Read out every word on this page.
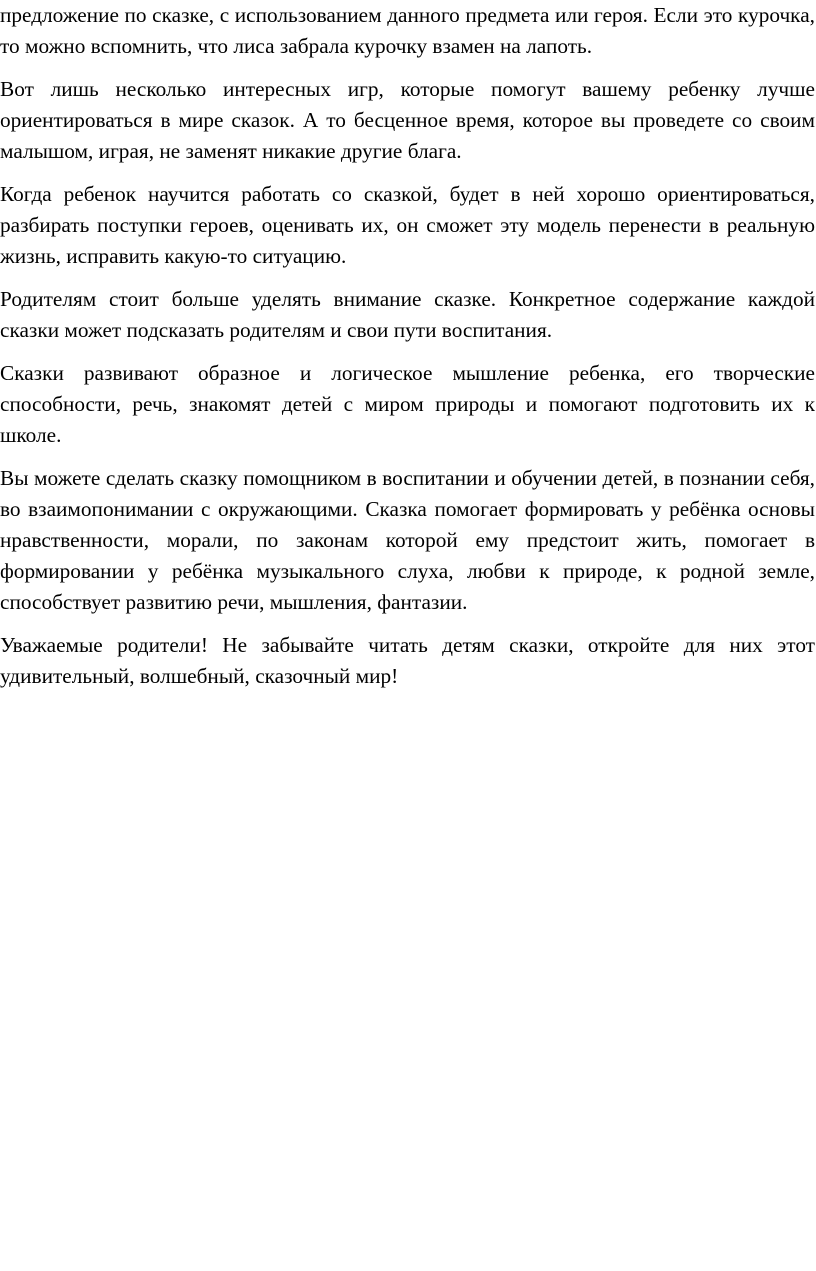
предложение по сказке, с использованием данного предмета или героя. Если это курочка, то можно вспомнить, что лиса забрала курочку взамен на лапоть.

Вот лишь несколько интересных игр, которые помогут вашему ребенку лучше ориентироваться в мире сказок. А то бесценное время, которое вы проведете со своим малышом, играя, не заменят никакие другие блага.

Когда ребенок научится работать со сказкой, будет в ней хорошо ориентироваться, разбирать поступки героев, оценивать их, он сможет эту модель перенести в реальную жизнь, исправить какую-то ситуацию.

Родителям стоит больше уделять внимание сказке. Конкретное содержание каждой сказки может подсказать родителям и свои пути воспитания.

Сказки развивают образное и логическое мышление ребенка, его творческие способности, речь, знакомят детей с миром природы и помогают подготовить их к школе.

Вы можете сделать сказку помощником в воспитании и обучении детей, в познании себя, во взаимопонимании с окружающими. Сказка помогает формировать у ребёнка основы нравственности, морали, по законам которой ему предстоит жить, помогает в формировании у ребёнка музыкального слуха, любви к природе, к родной земле, способствует развитию речи, мышления, фантазии.

Уважаемые родители! Не забывайте читать детям сказки, откройте для них этот удивительный, волшебный, сказочный мир!
